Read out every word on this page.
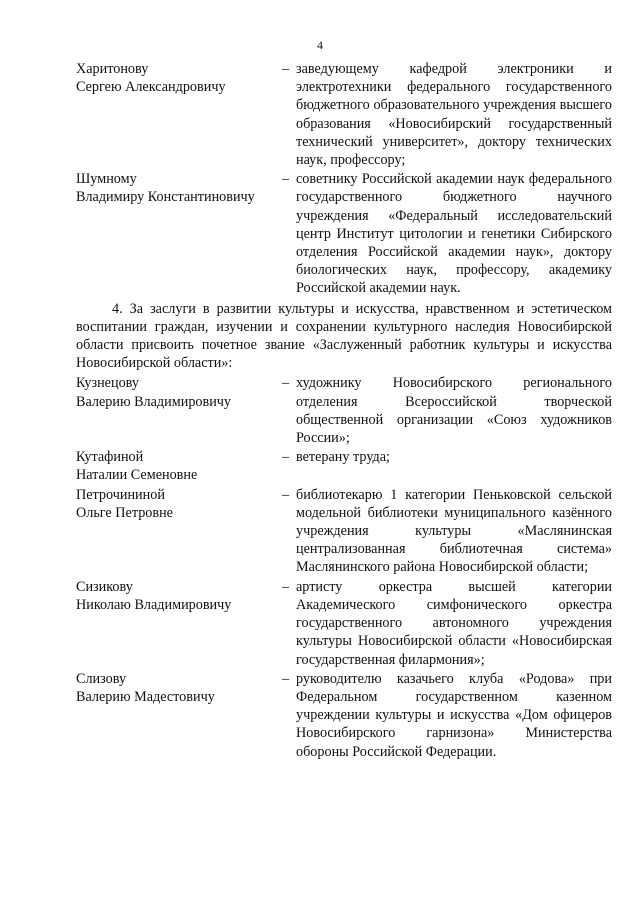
4
Харитонову
Сергею Александровичу
– заведующему кафедрой электроники и электротехники федерального государственного бюджетного образовательного учреждения высшего образования «Новосибирский государственный технический университет», доктору технических наук, профессору;
Шумному
Владимиру Константиновичу
– советнику Российской академии наук федерального государственного бюджетного научного учреждения «Федеральный исследовательский центр Институт цитологии и генетики Сибирского отделения Российской академии наук», доктору биологических наук, профессору, академику Российской академии наук.

4. За заслуги в развитии культуры и искусства, нравственном и эстетическом воспитании граждан, изучении и сохранении культурного наследия Новосибирской области присвоить почетное звание «Заслуженный работник культуры и искусства Новосибирской области»:

Кузнецову
Валерию Владимировичу
– художнику Новосибирского регионального отделения Всероссийской творческой общественной организации «Союз художников России»;
Кутафиной
Наталии Семеновне
– ветерану труда;
Петрочининой
Ольге Петровне
– библиотекарю 1 категории Пеньковской сельской модельной библиотеки муниципального казённого учреждения культуры «Маслянинская централизованная библиотечная система» Маслянинского района Новосибирской области;
Сизикову
Николаю Владимировичу
– артисту оркестра высшей категории Академического симфонического оркестра государственного автономного учреждения культуры Новосибирской области «Новосибирская государственная филармония»;
Слизову
Валерию Мадестовичу
– руководителю казачьего клуба «Родова» при Федеральном государственном казенном учреждении культуры и искусства «Дом офицеров Новосибирского гарнизона» Министерства обороны Российской Федерации.
